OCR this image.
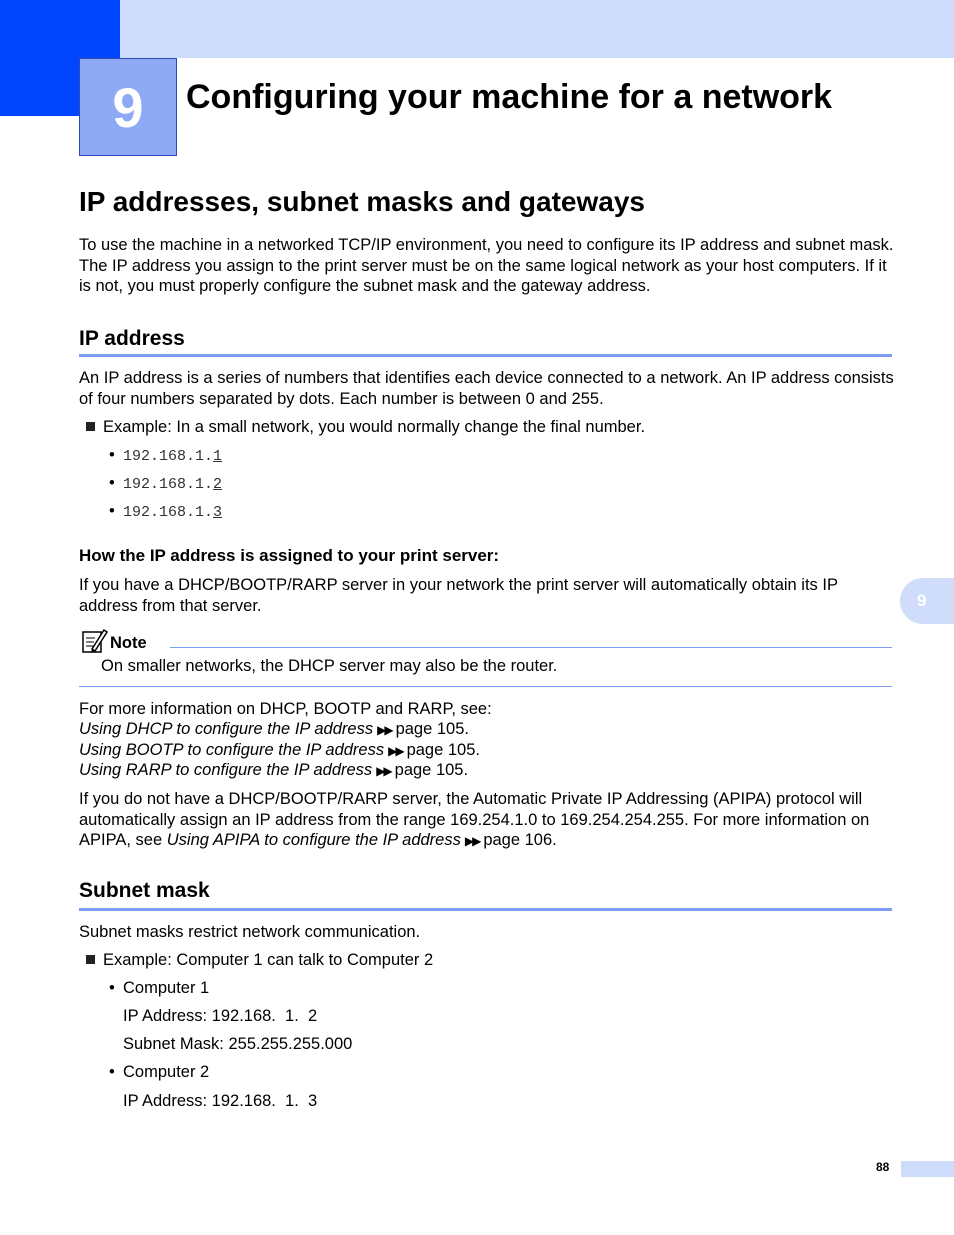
9 Configuring your machine for a network
IP addresses, subnet masks and gateways

To use the machine in a networked TCP/IP environment, you need to configure its IP address and subnet mask. The IP address you assign to the print server must be on the same logical network as your host computers. If it is not, you must properly configure the subnet mask and the gateway address.

IP address

An IP address is a series of numbers that identifies each device connected to a network. An IP address consists of four numbers separated by dots. Each number is between 0 and 255.

Example: In a small network, you would normally change the final number.
• 192.168.1.1
• 192.168.1.2
• 192.168.1.3
How the IP address is assigned to your print server:

If you have a DHCP/BOOTP/RARP server in your network the print server will automatically obtain its IP address from that server.	9
Note
On smaller networks, the DHCP server may also be the router.
For more information on DHCP, BOOTP and RARP, see:
Using DHCP to configure the IP address ▶▶ page 105.
Using BOOTP to configure the IP address ▶▶ page 105.
Using RARP to configure the IP address ▶▶ page 105.

If you do not have a DHCP/BOOTP/RARP server, the Automatic Private IP Addressing (APIPA) protocol will automatically assign an IP address from the range 169.254.1.0 to 169.254.254.255. For more information on APIPA, see Using APIPA to configure the IP address ▶▶ page 106.

Subnet mask
Subnet masks restrict network communication.
Example: Computer 1 can talk to Computer 2
• Computer 1
IP Address: 192.168.  1.  2
Subnet Mask: 255.255.255.000
• Computer 2
IP Address: 192.168.  1.  3
88
